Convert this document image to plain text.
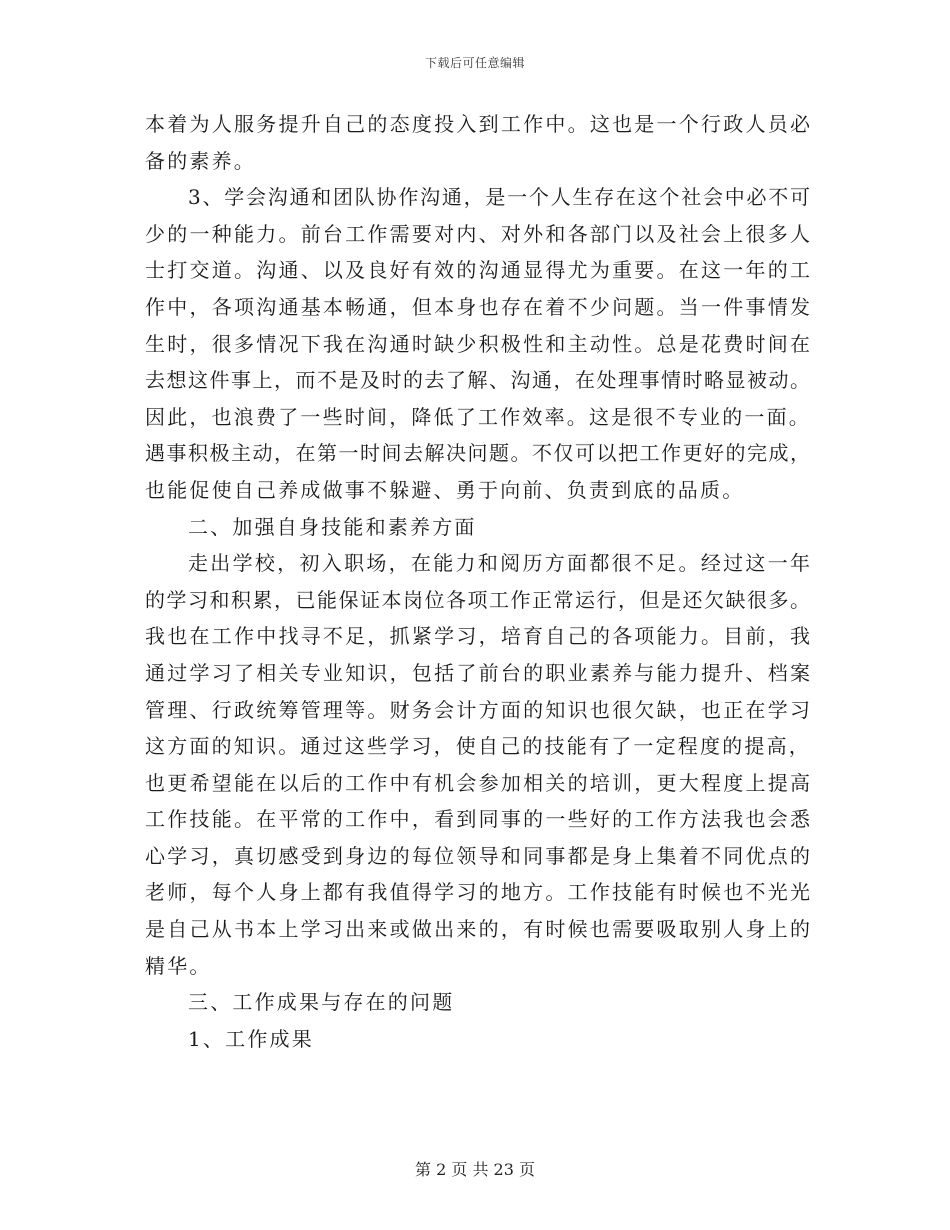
下载后可任意编辑
本着为人服务提升自己的态度投入到工作中。这也是一个行政人员必
备的素养。
3、学会沟通和团队协作沟通，是一个人生存在这个社会中必不可
少的一种能力。前台工作需要对内、对外和各部门以及社会上很多人
士打交道。沟通、以及良好有效的沟通显得尤为重要。在这一年的工
作中，各项沟通基本畅通，但本身也存在着不少问题。当一件事情发
生时，很多情况下我在沟通时缺少积极性和主动性。总是花费时间在
去想这件事上，而不是及时的去了解、沟通，在处理事情时略显被动。
因此，也浪费了一些时间，降低了工作效率。这是很不专业的一面。
遇事积极主动，在第一时间去解决问题。不仅可以把工作更好的完成，
也能促使自己养成做事不躲避、勇于向前、负责到底的品质。
二、加强自身技能和素养方面
走出学校，初入职场，在能力和阅历方面都很不足。经过这一年
的学习和积累，已能保证本岗位各项工作正常运行，但是还欠缺很多。
我也在工作中找寻不足，抓紧学习，培育自己的各项能力。目前，我
通过学习了相关专业知识，包括了前台的职业素养与能力提升、档案
管理、行政统筹管理等。财务会计方面的知识也很欠缺，也正在学习
这方面的知识。通过这些学习，使自己的技能有了一定程度的提高，
也更希望能在以后的工作中有机会参加相关的培训，更大程度上提高
工作技能。在平常的工作中，看到同事的一些好的工作方法我也会悉
心学习，真切感受到身边的每位领导和同事都是身上集着不同优点的
老师，每个人身上都有我值得学习的地方。工作技能有时候也不光光
是自己从书本上学习出来或做出来的，有时候也需要吸取别人身上的
精华。
三、工作成果与存在的问题
1、工作成果
第 2 页 共 23 页
